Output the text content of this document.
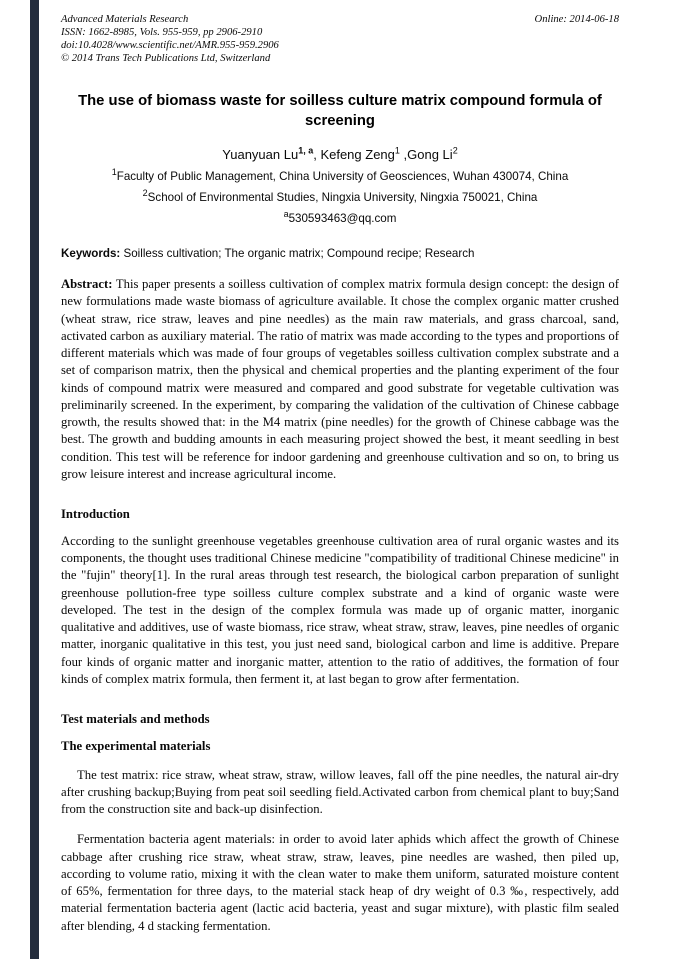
Advanced Materials Research
ISSN: 1662-8985, Vols. 955-959, pp 2906-2910
doi:10.4028/www.scientific.net/AMR.955-959.2906
© 2014 Trans Tech Publications Ltd, Switzerland
Online: 2014-06-18
The use of biomass waste for soilless culture matrix compound formula of screening
Yuanyuan Lu$^{1, a}$, Kefeng Zeng$^1$ ,Gong Li$^2$
$^1$Faculty of Public Management, China University of Geosciences, Wuhan 430074, China
$^2$School of Environmental Studies, Ningxia University, Ningxia 750021, China
$^a$530593463@qq.com

Keywords: Soilless cultivation; The organic matrix; Compound recipe; Research

Abstract: This paper presents a soilless cultivation of complex matrix formula design concept: the design of new formulations made waste biomass of agriculture available. It chose the complex organic matter crushed (wheat straw, rice straw, leaves and pine needles) as the main raw materials, and grass charcoal, sand, activated carbon as auxiliary material. The ratio of matrix was made according to the types and proportions of different materials which was made of four groups of vegetables soilless cultivation complex substrate and a set of comparison matrix, then the physical and chemical properties and the planting experiment of the four kinds of compound matrix were measured and compared and good substrate for vegetable cultivation was preliminarily screened. In the experiment, by comparing the validation of the cultivation of Chinese cabbage growth, the results showed that: in the M4 matrix (pine needles) for the growth of Chinese cabbage was the best. The growth and budding amounts in each measuring project showed the best, it meant seedling in best condition. This test will be reference for indoor gardening and greenhouse cultivation and so on, to bring us grow leisure interest and increase agricultural income.

Introduction

According to the sunlight greenhouse vegetables greenhouse cultivation area of rural organic wastes and its components, the thought uses traditional Chinese medicine "compatibility of traditional Chinese medicine" in the "fujin" theory[1]. In the rural areas through test research, the biological carbon preparation of sunlight greenhouse pollution-free type soilless culture complex substrate and a kind of organic waste were developed. The test in the design of the complex formula was made up of organic matter, inorganic qualitative and additives, use of waste biomass, rice straw, wheat straw, straw, leaves, pine needles of organic matter, inorganic qualitative in this test, you just need sand, biological carbon and lime is additive. Prepare four kinds of organic matter and inorganic matter, attention to the ratio of additives, the formation of four kinds of complex matrix formula, then ferment it, at last began to grow after fermentation.

Test materials and methods
The experimental materials

The test matrix: rice straw, wheat straw, straw, willow leaves, fall off the pine needles, the natural air-dry after crushing backup;Buying from peat soil seedling field.Activated carbon from chemical plant to buy;Sand from the construction site and back-up disinfection.

Fermentation bacteria agent materials: in order to avoid later aphids which affect the growth of Chinese cabbage after crushing rice straw, wheat straw, straw, leaves, pine needles are washed, then piled up, according to volume ratio, mixing it with the clean water to make them uniform, saturated moisture content of 65%, fermentation for three days, to the material stack heap of dry weight of 0.3 ‰, respectively, add material fermentation bacteria agent (lactic acid bacteria, yeast and sugar mixture), with plastic film sealed after blending, 4 d stacking fermentation.
